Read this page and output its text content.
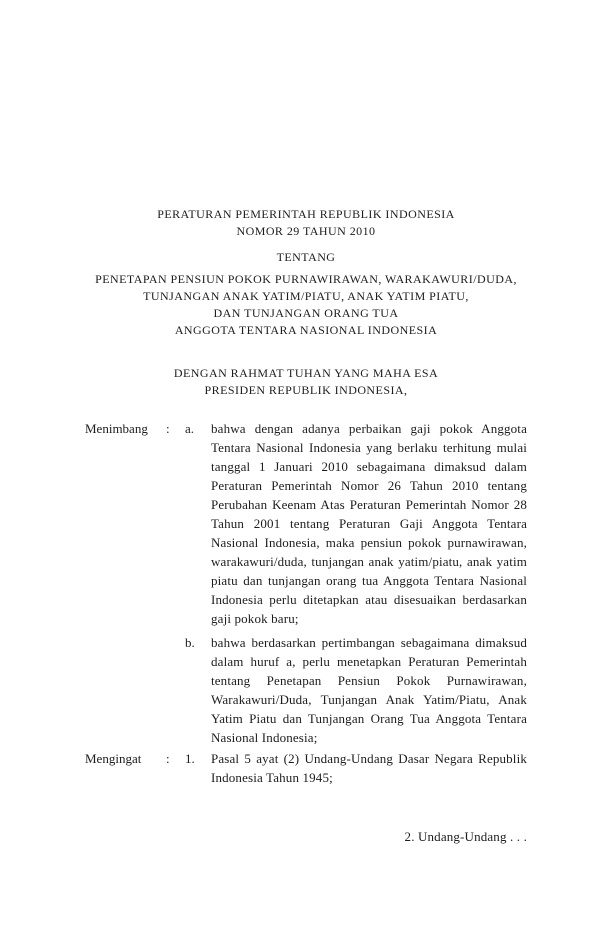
PERATURAN PEMERINTAH REPUBLIK INDONESIA
NOMOR 29 TAHUN 2010
TENTANG
PENETAPAN PENSIUN POKOK PURNAWIRAWAN, WARAKAWURI/DUDA,
TUNJANGAN ANAK YATIM/PIATU, ANAK YATIM PIATU,
DAN TUNJANGAN ORANG TUA
ANGGOTA TENTARA NASIONAL INDONESIA
DENGAN RAHMAT TUHAN YANG MAHA ESA
PRESIDEN REPUBLIK INDONESIA,
Menimbang	:	a.	bahwa dengan adanya perbaikan gaji pokok Anggota Tentara Nasional Indonesia yang berlaku terhitung mulai tanggal 1 Januari 2010 sebagaimana dimaksud dalam Peraturan Pemerintah Nomor 26 Tahun 2010 tentang Perubahan Keenam Atas Peraturan Pemerintah Nomor 28 Tahun 2001 tentang Peraturan Gaji Anggota Tentara Nasional Indonesia, maka pensiun pokok purnawirawan, warakawuri/duda, tunjangan anak yatim/piatu, anak yatim piatu dan tunjangan orang tua Anggota Tentara Nasional Indonesia perlu ditetapkan atau disesuaikan berdasarkan gaji pokok baru;
b.	bahwa berdasarkan pertimbangan sebagaimana dimaksud dalam huruf a, perlu menetapkan Peraturan Pemerintah tentang Penetapan Pensiun Pokok Purnawirawan, Warakawuri/Duda, Tunjangan Anak Yatim/Piatu, Anak Yatim Piatu dan Tunjangan Orang Tua Anggota Tentara Nasional Indonesia;
Mengingat	:	1.	Pasal 5 ayat (2) Undang-Undang Dasar Negara Republik Indonesia Tahun 1945;
2. Undang-Undang . . .
